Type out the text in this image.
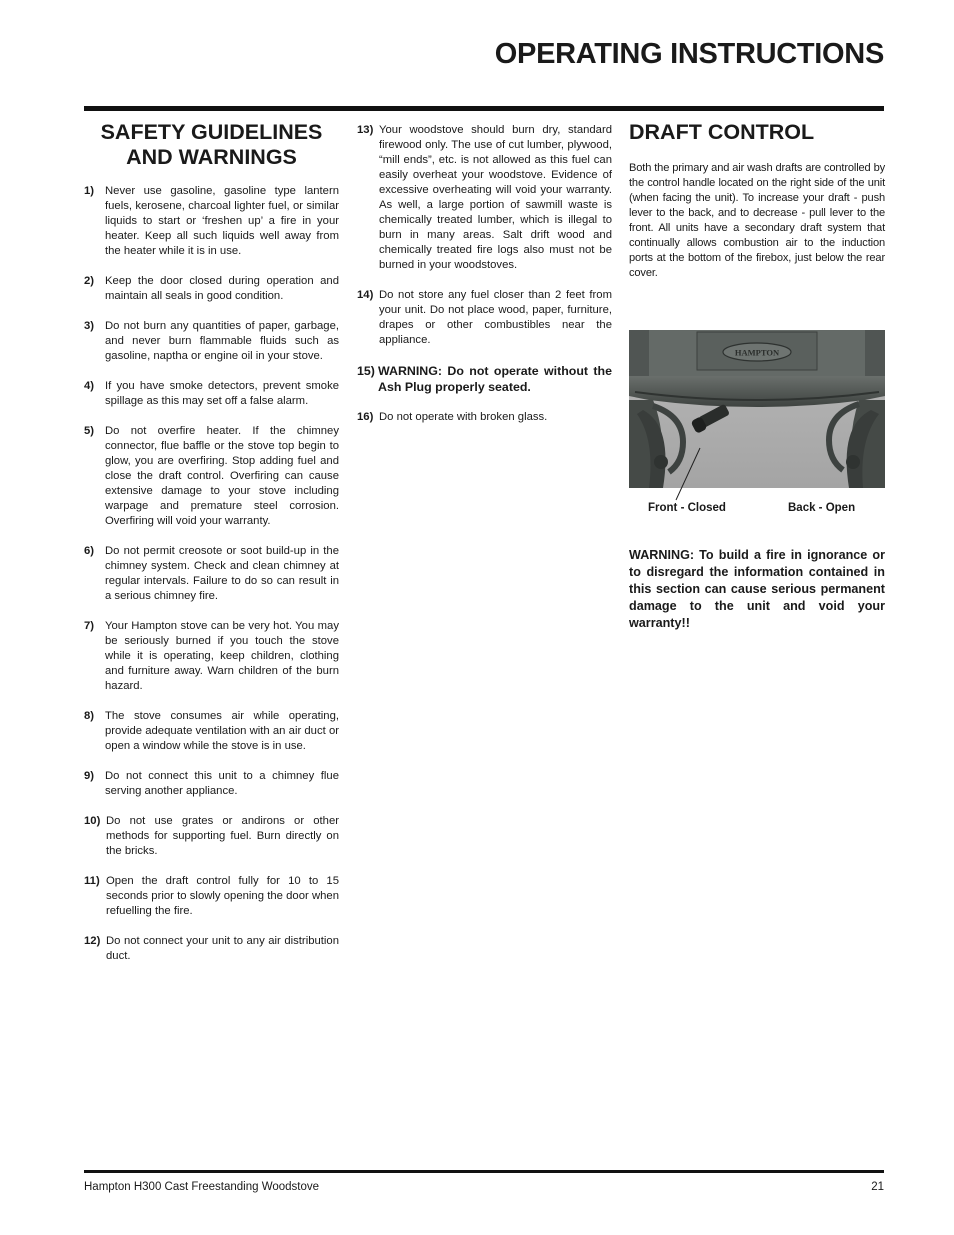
OPERATING INSTRUCTIONS
SAFETY GUIDELINES AND WARNINGS
1) Never use gasoline, gasoline type lantern fuels, kerosene, charcoal lighter fuel, or similar liquids to start or ‘freshen up’ a fire in your heater. Keep all such liquids well away from the heater while it is in use.
2) Keep the door closed during operation and maintain all seals in good condition.
3) Do not burn any quantities of paper, garbage, and never burn flammable fluids such as gasoline, naptha or engine oil in your stove.
4) If you have smoke detectors, prevent smoke spillage as this may set off a false alarm.
5) Do not overfire heater. If the chimney connector, flue baffle or the stove top begin to glow, you are overfiring. Stop adding fuel and close the draft control. Overfiring can cause extensive damage to your stove including warpage and premature steel corrosion. Overfiring will void your warranty.
6) Do not permit creosote or soot build-up in the chimney system. Check and clean chimney at regular intervals. Failure to do so can result in a serious chimney fire.
7) Your Hampton stove can be very hot. You may be seriously burned if you touch the stove while it is operating, keep children, clothing and furniture away. Warn children of the burn hazard.
8) The stove consumes air while operating, provide adequate ventilation with an air duct or open a window while the stove is in use.
9) Do not connect this unit to a chimney flue serving another appliance.
10) Do not use grates or andirons or other methods for supporting fuel. Burn directly on the bricks.
11) Open the draft control fully for 10 to 15 seconds prior to slowly opening the door when refuelling the fire.
12) Do not connect your unit to any air distribution duct.
13) Your woodstove should burn dry, standard firewood only. The use of cut lumber, plywood, “mill ends”, etc. is not allowed as this fuel can easily overheat your woodstove. Evidence of excessive overheating will void your warranty. As well, a large portion of sawmill waste is chemically treated lumber, which is illegal to burn in many areas. Salt drift wood and chemically treated fire logs also must not be burned in your woodstoves.
14) Do not store any fuel closer than 2 feet from your unit. Do not place wood, paper, furniture, drapes or other combustibles near the appliance.
15) WARNING: Do not operate without the Ash Plug properly seated.
16) Do not operate with broken glass.
DRAFT CONTROL

Both the primary and air wash drafts are controlled by the control handle located on the right side of the unit (when facing the unit). To increase your draft - push lever to the back, and to decrease - pull lever to the front. All units have a secondary draft system that continually allows combustion air to the induction ports at the bottom of the firebox, just below the rear cover.

HAMPTON
Front - Closed	Back - Open

WARNING: To build a fire in ignorance or to disregard the information contained in this section can cause serious permanent damage to the unit and void your warranty!!

Hampton H300 Cast Freestanding Woodstove	21
